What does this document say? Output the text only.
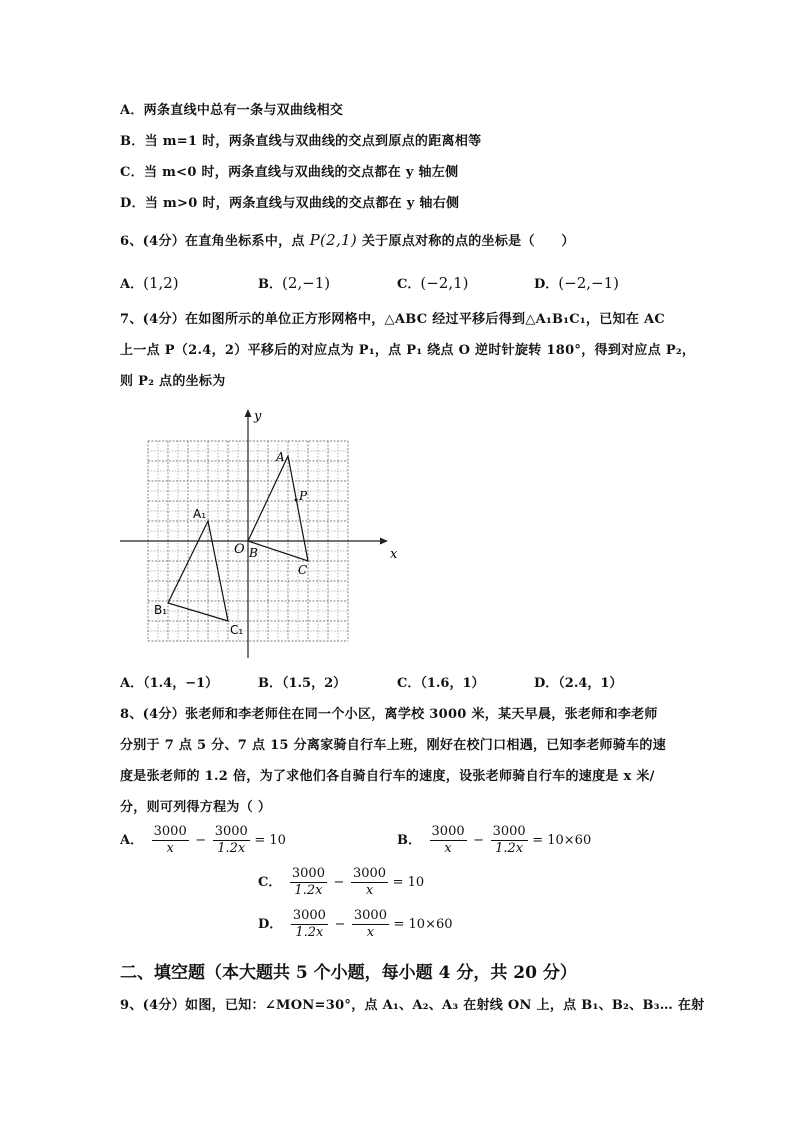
A．两条直线中总有一条与双曲线相交
B．当 m=1 时，两条直线与双曲线的交点到原点的距离相等
C．当 m<0 时，两条直线与双曲线的交点都在 y 轴左侧
D．当 m>0 时，两条直线与双曲线的交点都在 y 轴右侧
6、(4分）在直角坐标系中，点 P(2,1) 关于原点对称的点的坐标是（　　）
A．(1,2)	B．(2,−1)	C．(−2,1)	D．(−2,−1)
7、(4分）在如图所示的单位正方形网格中，△ABC 经过平移后得到△A₁B₁C₁，已知在 AC
上一点 P（2.4，2）平移后的对应点为 P₁，点 P₁ 绕点 O 逆时针旋转 180°，得到对应点 P₂，
则 P₂ 点的坐标为
y
x
O B
A
P
C
A₁
B₁
C₁
A．（1.4，−1）	B．（1.5，2）	C．（1.6，1）	D．（2.4，1）
8、(4分）张老师和李老师住在同一个小区，离学校 3000 米，某天早晨，张老师和李老师
分别于 7 点 5 分、7 点 15 分离家骑自行车上班，刚好在校门口相遇，已知李老师骑车的速
度是张老师的 1.2 倍，为了求他们各自骑自行车的速度，设张老师骑自行车的速度是 x 米/
分，则可列得方程为（ ）
A． $\frac{3000}{x} - \frac{3000}{1.2x} = 10$	B． $\frac{3000}{x} - \frac{3000}{1.2x} = 10\times 60$
C． $\frac{3000}{1.2x} - \frac{3000}{x} = 10$
D． $\frac{3000}{1.2x} - \frac{3000}{x} = 10\times 60$
二、填空题（本大题共 5 个小题，每小题 4 分，共 20 分）
9、(4分）如图，已知：∠MON=30°，点 A₁、A₂、A₃ 在射线 ON 上，点 B₁、B₂、B₃… 在射
